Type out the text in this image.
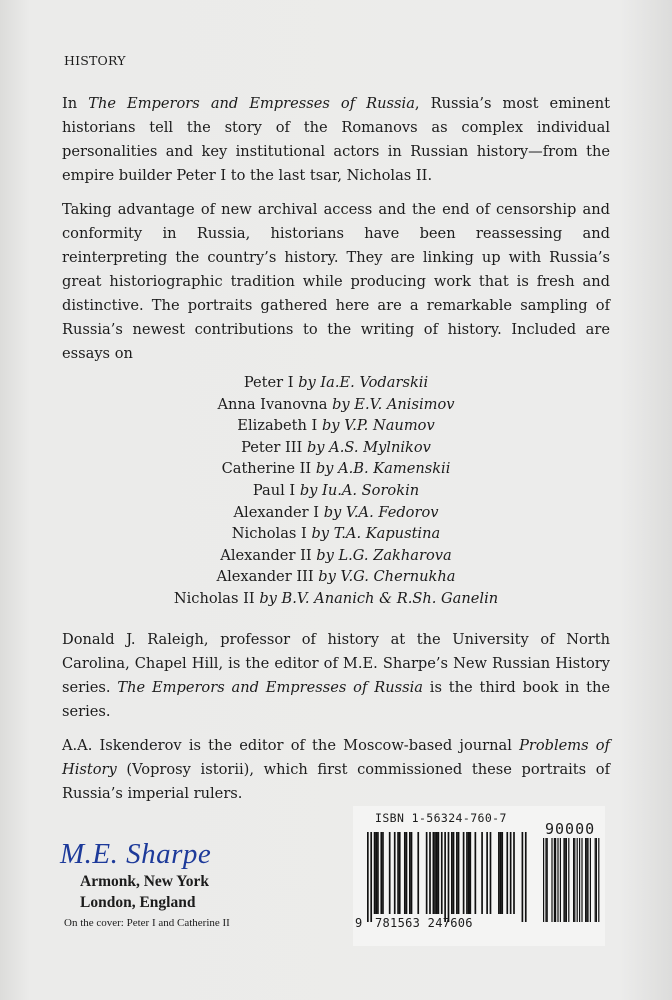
HISTORY
In The Emperors and Empresses of Russia, Russia’s most eminent historians tell the story of the Romanovs as complex individual personalities and key institutional actors in Russian history—from the empire builder Peter I to the last tsar, Nicholas II.
Taking advantage of new archival access and the end of censorship and conformity in Russia, historians have been reassessing and reinterpreting the country’s history. They are linking up with Russia’s great historiographic tradition while producing work that is fresh and distinctive. The portraits gathered here are a remarkable sampling of Russia’s newest contributions to the writing of history. Included are essays on
Peter I by Ia.E. Vodarskii
Anna Ivanovna by E.V. Anisimov
Elizabeth I by V.P. Naumov
Peter III by A.S. Mylnikov
Catherine II by A.B. Kamenskii
Paul I by Iu.A. Sorokin
Alexander I by V.A. Fedorov
Nicholas I by T.A. Kapustina
Alexander II by L.G. Zakharova
Alexander III by V.G. Chernukha
Nicholas II by B.V. Ananich & R.Sh. Ganelin
Donald J. Raleigh, professor of history at the University of North Carolina, Chapel Hill, is the editor of M.E. Sharpe’s New Russian History series. The Emperors and Empresses of Russia is the third book in the series.
A.A. Iskenderov is the editor of the Moscow-based journal Problems of History (Voprosy istorii), which first commissioned these portraits of Russia’s imperial rulers.
M.E. Sharpe
Armonk, New York
London, England
On the cover: Peter I and Catherine II
ISBN 1-56324-760-7
90000
9 781563 247606
